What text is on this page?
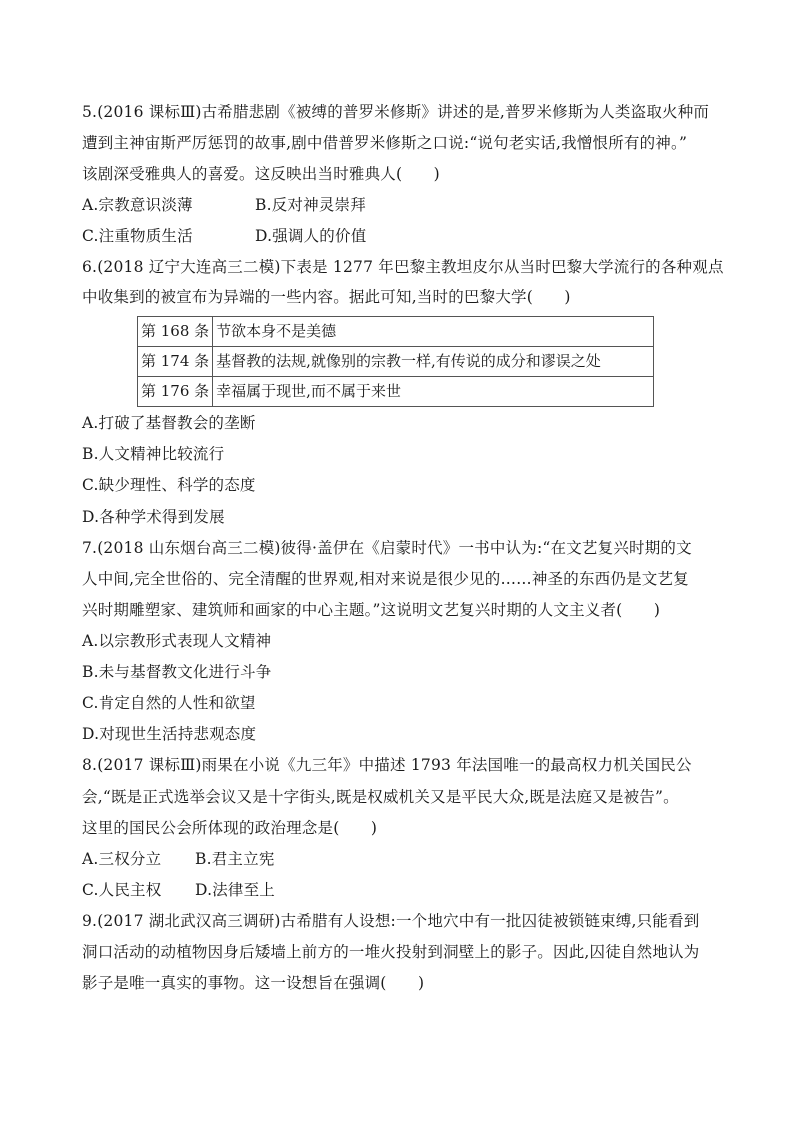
5.(2016 课标Ⅲ)古希腊悲剧《被缚的普罗米修斯》讲述的是,普罗米修斯为人类盗取火种而
遭到主神宙斯严厉惩罚的故事,剧中借普罗米修斯之口说:“说句老实话,我憎恨所有的神。”
该剧深受雅典人的喜爱。这反映出当时雅典人(　　)
A.宗教意识淡薄	B.反对神灵崇拜
C.注重物质生活	D.强调人的价值
6.(2018 辽宁大连高三二模)下表是 1277 年巴黎主教坦皮尔从当时巴黎大学流行的各种观点
中收集到的被宣布为异端的一些内容。据此可知,当时的巴黎大学(　　)
第 168 条	节欲本身不是美德
第 174 条	基督教的法规,就像别的宗教一样,有传说的成分和谬误之处
第 176 条	幸福属于现世,而不属于来世
A.打破了基督教会的垄断
B.人文精神比较流行
C.缺少理性、科学的态度
D.各种学术得到发展
7.(2018 山东烟台高三二模)彼得·盖伊在《启蒙时代》一书中认为:“在文艺复兴时期的文
人中间,完全世俗的、完全清醒的世界观,相对来说是很少见的……神圣的东西仍是文艺复
兴时期雕塑家、建筑师和画家的中心主题。”这说明文艺复兴时期的人文主义者(　　)
A.以宗教形式表现人文精神
B.未与基督教文化进行斗争
C.肯定自然的人性和欲望
D.对现世生活持悲观态度
8.(2017 课标Ⅲ)雨果在小说《九三年》中描述 1793 年法国唯一的最高权力机关国民公
会,“既是正式选举会议又是十字街头,既是权威机关又是平民大众,既是法庭又是被告”。
这里的国民公会所体现的政治理念是(　　)
A.三权分立 B.君主立宪
C.人民主权 D.法律至上
9.(2017 湖北武汉高三调研)古希腊有人设想:一个地穴中有一批囚徒被锁链束缚,只能看到
洞口活动的动植物因身后矮墙上前方的一堆火投射到洞壁上的影子。因此,囚徒自然地认为
影子是唯一真实的事物。这一设想旨在强调(　　)
